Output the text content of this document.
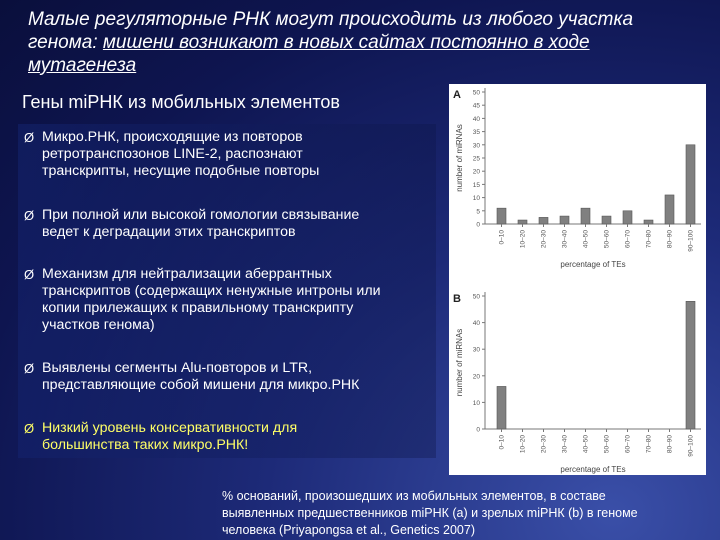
Малые регуляторные РНК могут происходить из любого участка
генома: мишени возникают в новых сайтах постоянно в ходе
мутагенеза
Гены miРНК из мобильных элементов
Ø Микро.РНК, происходящие из повторов
ретротранспозонов LINE-2, распознают
транскрипты, несущие подобные повторы
Ø При полной или высокой гомологии связывание
ведет к деградации этих транскриптов
Ø Механизм для нейтрализации аберрантных
транскриптов (содержащих ненужные интроны или
копии прилежащих к правильному транскрипту
участков генома)
Ø Выявлены сегменты Alu-повторов и LTR,
представляющие собой мишени для микро.РНК
Ø Низкий уровень консервативности для
большинства таких микро.РНК!
A
0
5
10
15
20
25
30
35
40
45
50
number of miRNAs
0–10 10–20 20–30 30–40 40–50 50–60 60–70 70–80 80–90 90–100
percentage of TEs
B
0
10
20
30
40
50
number of miRNAs
0–10 10–20 20–30 30–40 40–50 50–60 60–70 70–80 80–90 90–100
percentage of TEs
% оснований, произошедших из мобильных элементов, в составе
выявленных предшественников miРНК (a) и зрелых miРНК (b) в геноме
человека (Priyapongsa et al., Genetics 2007)
